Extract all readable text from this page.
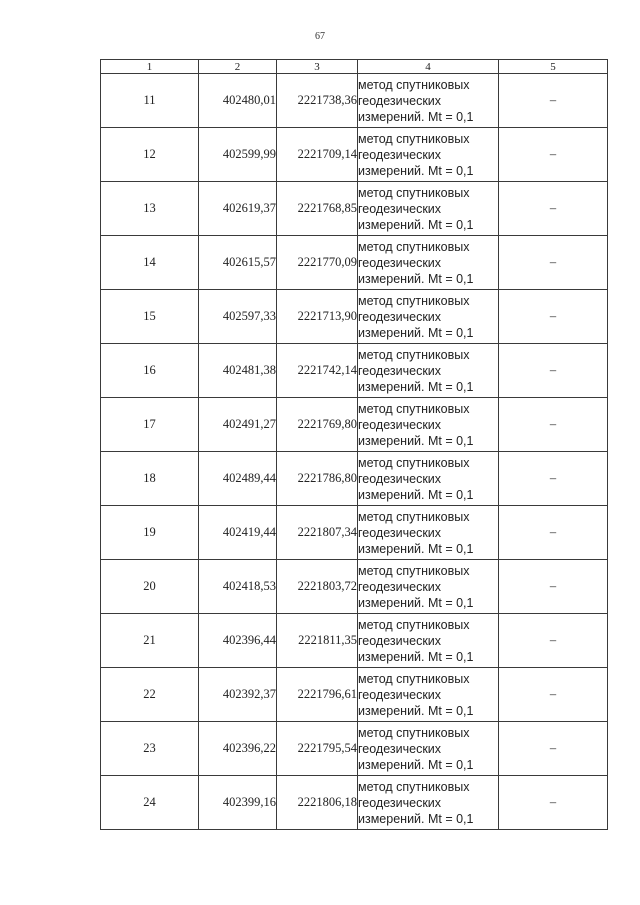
67
1	2	3	4	5
11	402480,01	2221738,36	метод спутниковых
геодезических
измерений. Mt = 0,1	–
12	402599,99	2221709,14	метод спутниковых
геодезических
измерений. Mt = 0,1	–
13	402619,37	2221768,85	метод спутниковых
геодезических
измерений. Mt = 0,1	–
14	402615,57	2221770,09	метод спутниковых
геодезических
измерений. Mt = 0,1	–
15	402597,33	2221713,90	метод спутниковых
геодезических
измерений. Mt = 0,1	–
16	402481,38	2221742,14	метод спутниковых
геодезических
измерений. Mt = 0,1	–
17	402491,27	2221769,80	метод спутниковых
геодезических
измерений. Mt = 0,1	–
18	402489,44	2221786,80	метод спутниковых
геодезических
измерений. Mt = 0,1	–
19	402419,44	2221807,34	метод спутниковых
геодезических
измерений. Mt = 0,1	–
20	402418,53	2221803,72	метод спутниковых
геодезических
измерений. Mt = 0,1	–
21	402396,44	2221811,35	метод спутниковых
геодезических
измерений. Mt = 0,1	–
22	402392,37	2221796,61	метод спутниковых
геодезических
измерений. Mt = 0,1	–
23	402396,22	2221795,54	метод спутниковых
геодезических
измерений. Mt = 0,1	–
24	402399,16	2221806,18	метод спутниковых
геодезических
измерений. Mt = 0,1	–
